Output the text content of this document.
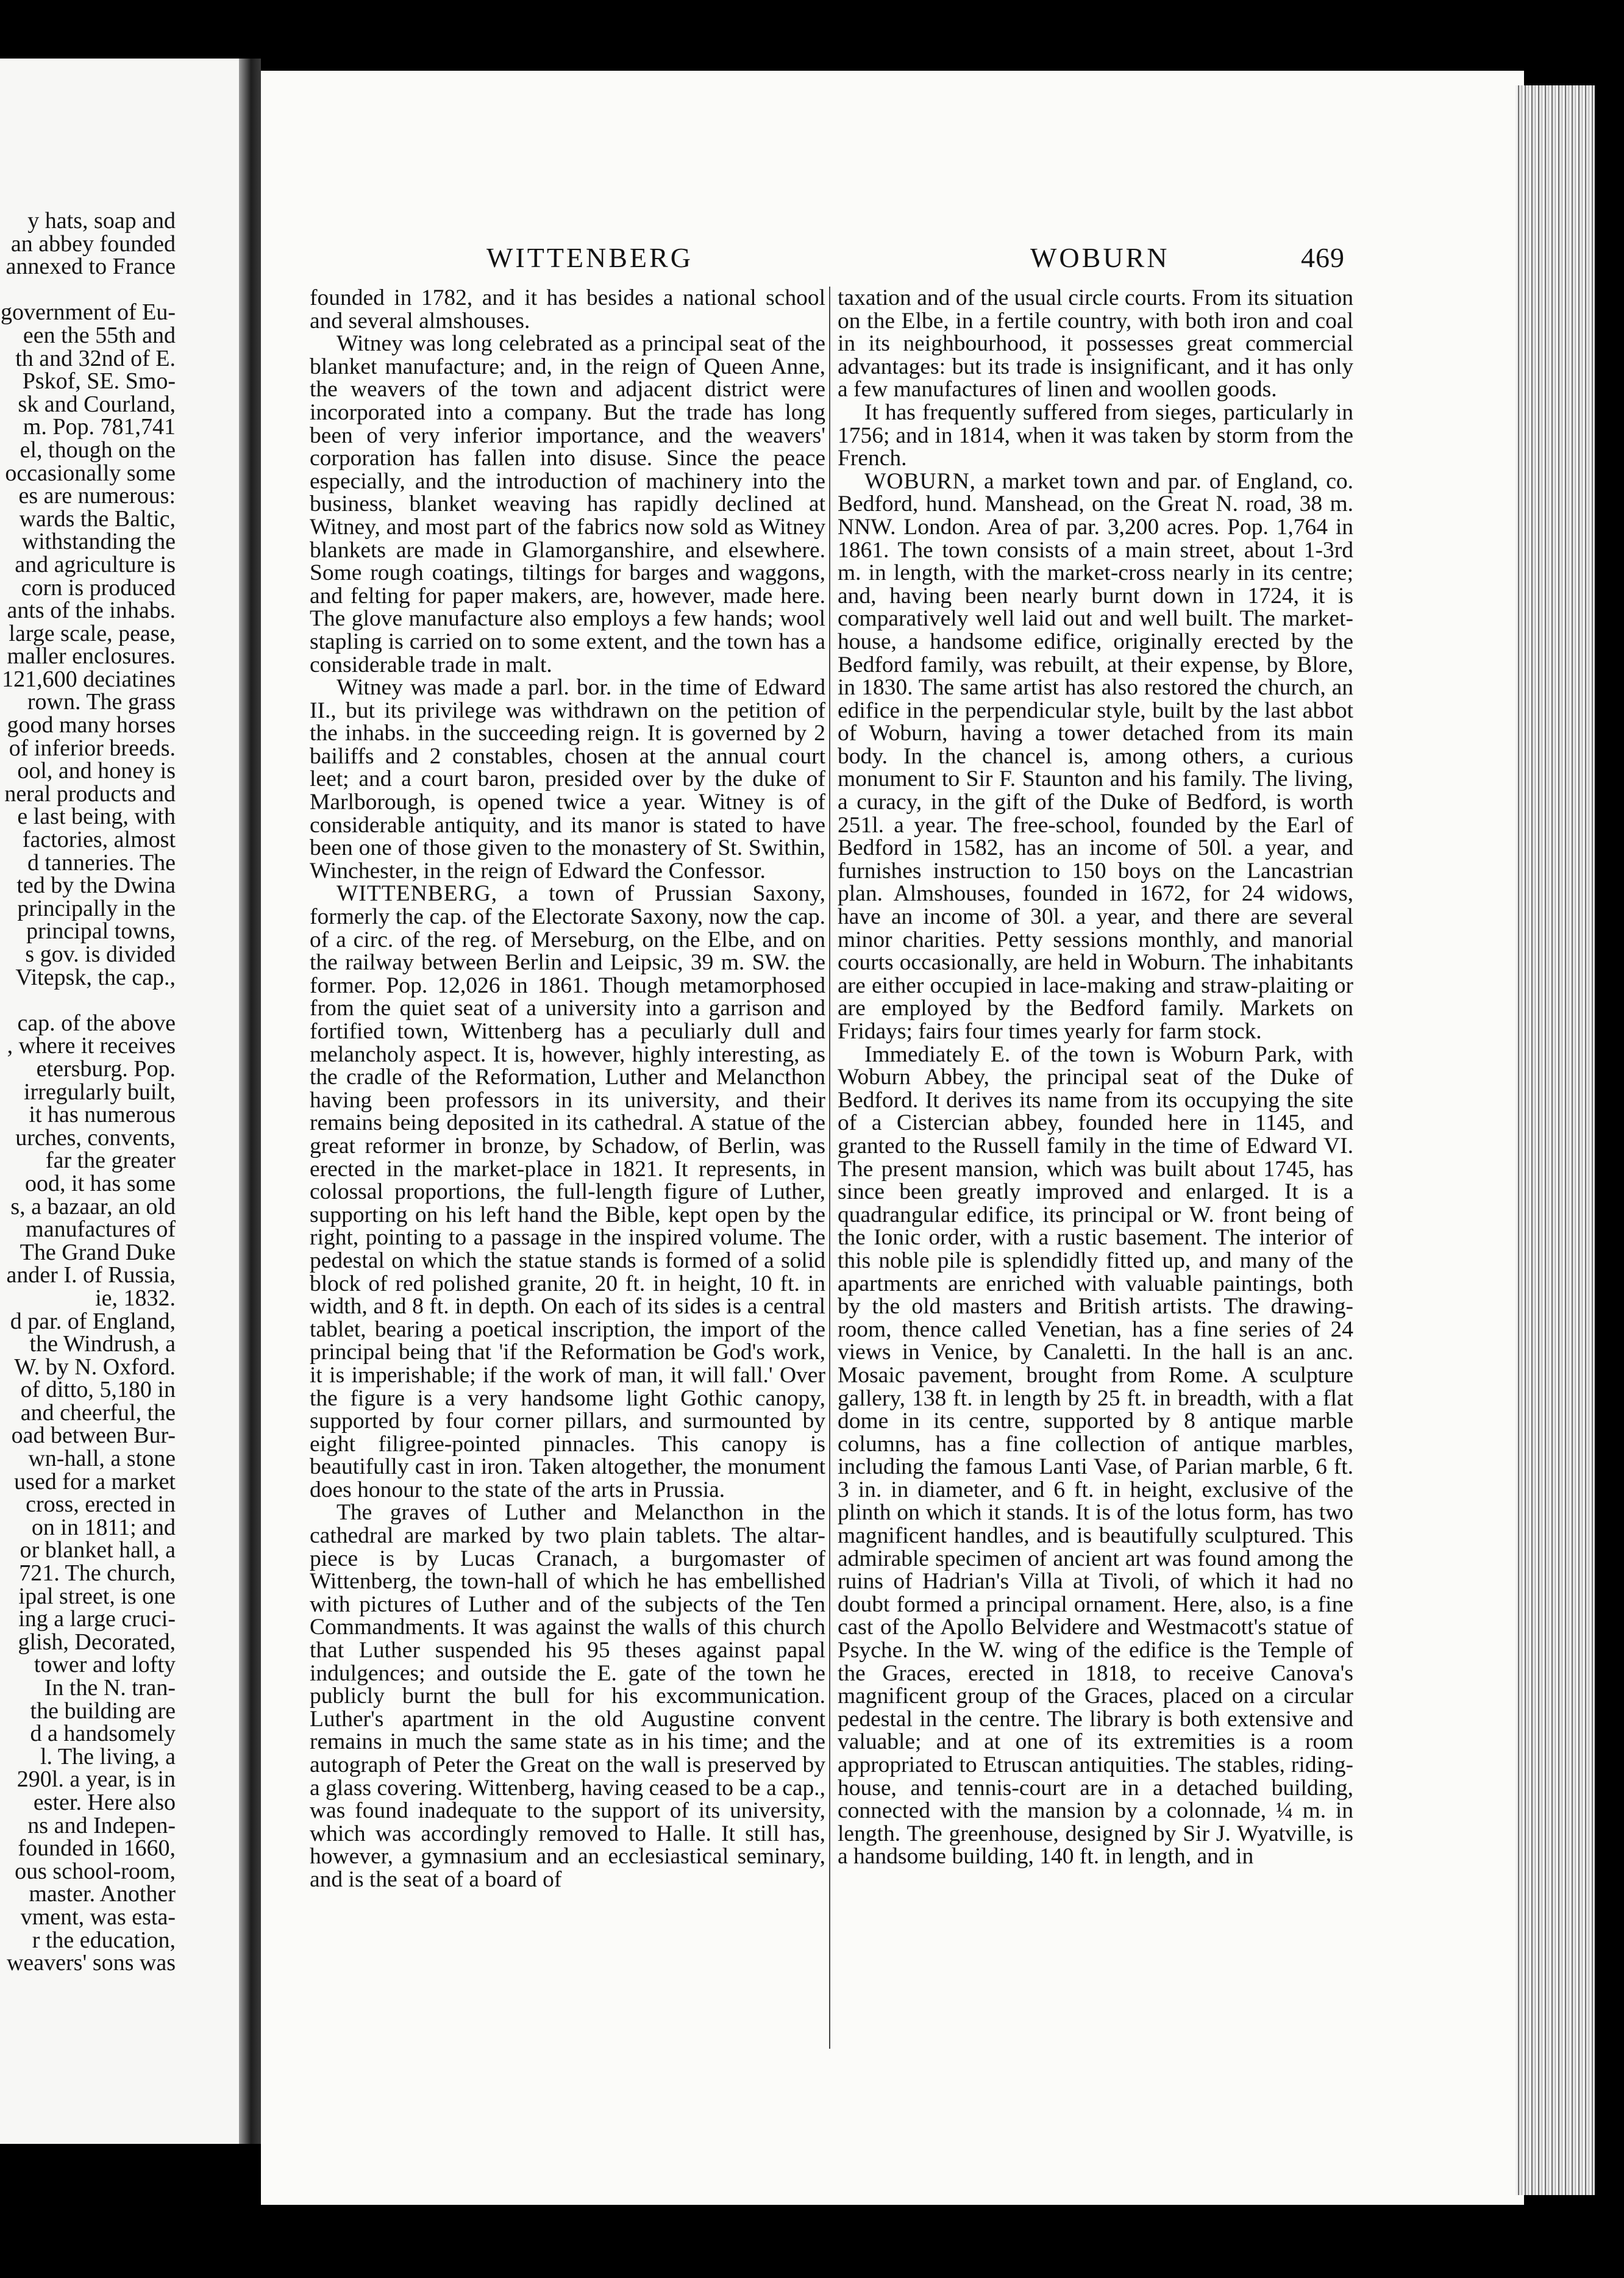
y hats, soap and

an abbey founded

annexed to France

government of Eu-

een the 55th and

th and 32nd of E.

Pskof, SE. Smo-

sk and Courland,

m. Pop. 781,741

el, though on the

occasionally some

es are numerous:

wards the Baltic,

withstanding the

and agriculture is

corn is produced

ants of the inhabs.

large scale, pease,

maller enclosures.

121,600 deciatines

rown. The grass

good many horses

of inferior breeds.

ool, and honey is

neral products and

e last being, with

factories, almost

d tanneries. The

ted by the Dwina

principally in the

principal towns,

s gov. is divided

Vitepsk, the cap.,

cap. of the above

, where it receives

etersburg. Pop.

irregularly built,

it has numerous

urches, convents,

far the greater

ood, it has some

s, a bazaar, an old

manufactures of

The Grand Duke

ander I. of Russia,

ie, 1832.

d par. of England,

the Windrush, a

W. by N. Oxford.

of ditto, 5,180 in

and cheerful, the

oad between Bur-

wn-hall, a stone

used for a market

cross, erected in

on in 1811; and

or blanket hall, a

721. The church,

ipal street, is one

ing a large cruci-

glish, Decorated,

tower and lofty

In the N. tran-

the building are

d a handsomely

l. The living, a

290l. a year, is in

ester. Here also

ns and Indepen-

founded in 1660,

ous school-room,

master. Another

vment, was esta-

r the education,

weavers' sons was

WITTENBERG	WOBURN	469

founded in 1782, and it has besides a national school and several almshouses.

Witney was long celebrated as a principal seat of the blanket manufacture; and, in the reign of Queen Anne, the weavers of the town and adjacent district were incorporated into a company. But the trade has long been of very inferior importance, and the weavers' corporation has fallen into disuse. Since the peace especially, and the introduction of machinery into the business, blanket weaving has rapidly declined at Witney, and most part of the fabrics now sold as Witney blankets are made in Glamorganshire, and elsewhere. Some rough coatings, tiltings for barges and waggons, and felting for paper makers, are, however, made here. The glove manufacture also employs a few hands; wool stapling is carried on to some extent, and the town has a considerable trade in malt.

Witney was made a parl. bor. in the time of Edward II., but its privilege was withdrawn on the petition of the inhabs. in the succeeding reign. It is governed by 2 bailiffs and 2 constables, chosen at the annual court leet; and a court baron, presided over by the duke of Marlborough, is opened twice a year. Witney is of considerable antiquity, and its manor is stated to have been one of those given to the monastery of St. Swithin, Winchester, in the reign of Edward the Confessor.

WITTENBERG, a town of Prussian Saxony, formerly the cap. of the Electorate Saxony, now the cap. of a circ. of the reg. of Merseburg, on the Elbe, and on the railway between Berlin and Leipsic, 39 m. SW. the former. Pop. 12,026 in 1861. Though metamorphosed from the quiet seat of a university into a garrison and fortified town, Wittenberg has a peculiarly dull and melancholy aspect. It is, however, highly interesting, as the cradle of the Reformation, Luther and Melancthon having been professors in its university, and their remains being deposited in its cathedral. A statue of the great reformer in bronze, by Schadow, of Berlin, was erected in the market-place in 1821. It represents, in colossal proportions, the full-length figure of Luther, supporting on his left hand the Bible, kept open by the right, pointing to a passage in the inspired volume. The pedestal on which the statue stands is formed of a solid block of red polished granite, 20 ft. in height, 10 ft. in width, and 8 ft. in depth. On each of its sides is a central tablet, bearing a poetical inscription, the import of the principal being that 'if the Reformation be God's work, it is imperishable; if the work of man, it will fall.' Over the figure is a very handsome light Gothic canopy, supported by four corner pillars, and surmounted by eight filigree-pointed pinnacles. This canopy is beautifully cast in iron. Taken altogether, the monument does honour to the state of the arts in Prussia.

The graves of Luther and Melancthon in the cathedral are marked by two plain tablets. The altar-piece is by Lucas Cranach, a burgomaster of Wittenberg, the town-hall of which he has embellished with pictures of Luther and of the subjects of the Ten Commandments. It was against the walls of this church that Luther suspended his 95 theses against papal indulgences; and outside the E. gate of the town he publicly burnt the bull for his excommunication. Luther's apartment in the old Augustine convent remains in much the same state as in his time; and the autograph of Peter the Great on the wall is preserved by a glass covering. Wittenberg, having ceased to be a cap., was found inadequate to the support of its university, which was accordingly removed to Halle. It still has, however, a gymnasium and an ecclesiastical seminary, and is the seat of a board of

taxation and of the usual circle courts. From its situation on the Elbe, in a fertile country, with both iron and coal in its neighbourhood, it possesses great commercial advantages: but its trade is insignificant, and it has only a few manufactures of linen and woollen goods.

It has frequently suffered from sieges, particularly in 1756; and in 1814, when it was taken by storm from the French.

WOBURN, a market town and par. of England, co. Bedford, hund. Manshead, on the Great N. road, 38 m. NNW. London. Area of par. 3,200 acres. Pop. 1,764 in 1861. The town consists of a main street, about 1-3rd m. in length, with the market-cross nearly in its centre; and, having been nearly burnt down in 1724, it is comparatively well laid out and well built. The market-house, a handsome edifice, originally erected by the Bedford family, was rebuilt, at their expense, by Blore, in 1830. The same artist has also restored the church, an edifice in the perpendicular style, built by the last abbot of Woburn, having a tower detached from its main body. In the chancel is, among others, a curious monument to Sir F. Staunton and his family. The living, a curacy, in the gift of the Duke of Bedford, is worth 251l. a year. The free-school, founded by the Earl of Bedford in 1582, has an income of 50l. a year, and furnishes instruction to 150 boys on the Lancastrian plan. Almshouses, founded in 1672, for 24 widows, have an income of 30l. a year, and there are several minor charities. Petty sessions monthly, and manorial courts occasionally, are held in Woburn. The inhabitants are either occupied in lace-making and straw-plaiting or are employed by the Bedford family. Markets on Fridays; fairs four times yearly for farm stock.

Immediately E. of the town is Woburn Park, with Woburn Abbey, the principal seat of the Duke of Bedford. It derives its name from its occupying the site of a Cistercian abbey, founded here in 1145, and granted to the Russell family in the time of Edward VI. The present mansion, which was built about 1745, has since been greatly improved and enlarged. It is a quadrangular edifice, its principal or W. front being of the Ionic order, with a rustic basement. The interior of this noble pile is splendidly fitted up, and many of the apartments are enriched with valuable paintings, both by the old masters and British artists. The drawing-room, thence called Venetian, has a fine series of 24 views in Venice, by Canaletti. In the hall is an anc. Mosaic pavement, brought from Rome. A sculpture gallery, 138 ft. in length by 25 ft. in breadth, with a flat dome in its centre, supported by 8 antique marble columns, has a fine collection of antique marbles, including the famous Lanti Vase, of Parian marble, 6 ft. 3 in. in diameter, and 6 ft. in height, exclusive of the plinth on which it stands. It is of the lotus form, has two magnificent handles, and is beautifully sculptured. This admirable specimen of ancient art was found among the ruins of Hadrian's Villa at Tivoli, of which it had no doubt formed a principal ornament. Here, also, is a fine cast of the Apollo Belvidere and Westmacott's statue of Psyche. In the W. wing of the edifice is the Temple of the Graces, erected in 1818, to receive Canova's magnificent group of the Graces, placed on a circular pedestal in the centre. The library is both extensive and valuable; and at one of its extremities is a room appropriated to Etruscan antiquities. The stables, riding-house, and tennis-court are in a detached building, connected with the mansion by a colonnade, ¼ m. in length. The greenhouse, designed by Sir J. Wyatville, is a handsome building, 140 ft. in length, and in
